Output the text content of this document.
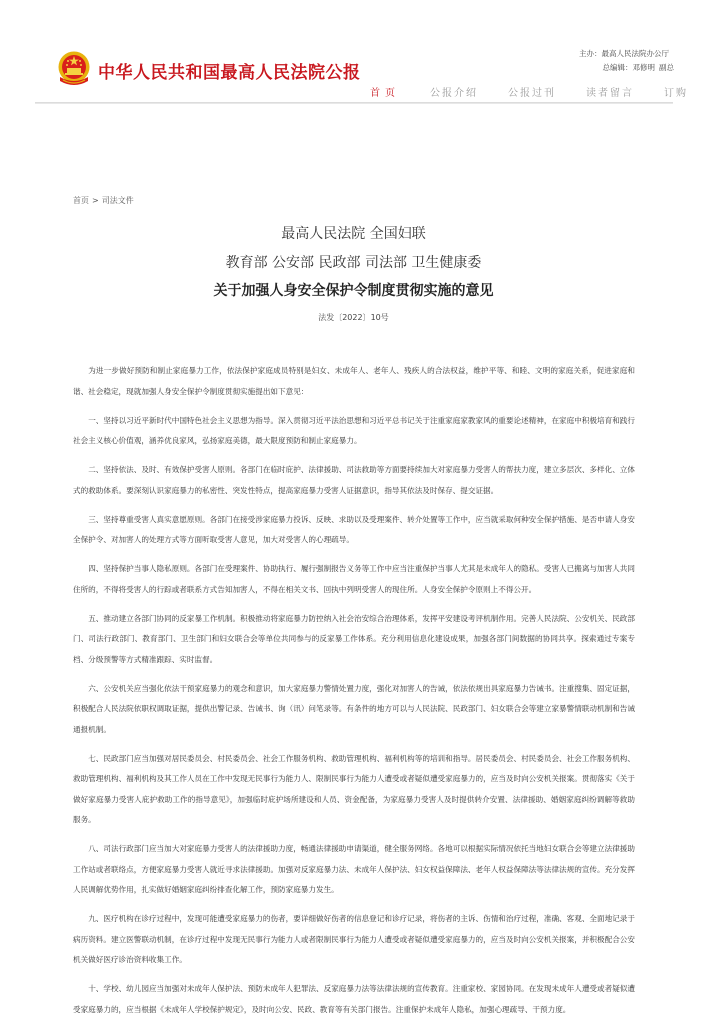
中华人民共和国最高人民法院公报
主办：最高人民法院办公厅
总编辑：邓修明 副总
首页	公报介绍	公报过刊	读者留言	订购
首页 > 司法文件
最高人民法院 全国妇联
教育部 公安部 民政部 司法部 卫生健康委
关于加强人身安全保护令制度贯彻实施的意见
法发〔2022〕10号

为进一步做好预防和制止家庭暴力工作，依法保护家庭成员特别是妇女、未成年人、老年人、残疾人的合法权益，维护平等、和睦、文明的家庭关系，促进家庭和谐、社会稳定，现就加强人身安全保护令制度贯彻实施提出如下意见：

一、坚持以习近平新时代中国特色社会主义思想为指导。深入贯彻习近平法治思想和习近平总书记关于注重家庭家教家风的重要论述精神，在家庭中积极培育和践行社会主义核心价值观，涵养优良家风，弘扬家庭美德，最大限度预防和制止家庭暴力。

二、坚持依法、及时、有效保护受害人原则。各部门在临时庇护、法律援助、司法救助等方面要持续加大对家庭暴力受害人的帮扶力度，建立多层次、多样化、立体式的救助体系。要深刻认识家庭暴力的私密性、突发性特点，提高家庭暴力受害人证据意识，指导其依法及时保存、提交证据。

三、坚持尊重受害人真实意愿原则。各部门在接受涉家庭暴力投诉、反映、求助以及受理案件、转介处置等工作中，应当就采取何种安全保护措施、是否申请人身安全保护令、对加害人的处理方式等方面听取受害人意见，加大对受害人的心理疏导。

四、坚持保护当事人隐私原则。各部门在受理案件、协助执行、履行强制报告义务等工作中应当注重保护当事人尤其是未成年人的隐私。受害人已搬离与加害人共同住所的，不得将受害人的行踪或者联系方式告知加害人，不得在相关文书、回执中列明受害人的现住所。人身安全保护令原则上不得公开。

五、推动建立各部门协同的反家暴工作机制。积极推动将家庭暴力防控纳入社会治安综合治理体系，发挥平安建设考评机制作用。完善人民法院、公安机关、民政部门、司法行政部门、教育部门、卫生部门和妇女联合会等单位共同参与的反家暴工作体系。充分利用信息化建设成果，加强各部门间数据的协同共享。探索通过专案专档、分级预警等方式精准跟踪、实时监督。

六、公安机关应当强化依法干预家庭暴力的观念和意识，加大家庭暴力警情处置力度，强化对加害人的告诫，依法依规出具家庭暴力告诫书。注重搜集、固定证据，积极配合人民法院依职权调取证据，提供出警记录、告诫书、询（讯）问笔录等。有条件的地方可以与人民法院、民政部门、妇女联合会等建立家暴警情联动机制和告诫通报机制。

七、民政部门应当加强对居民委员会、村民委员会、社会工作服务机构、救助管理机构、福利机构等的培训和指导。居民委员会、村民委员会、社会工作服务机构、救助管理机构、福利机构及其工作人员在工作中发现无民事行为能力人、限制民事行为能力人遭受或者疑似遭受家庭暴力的，应当及时向公安机关报案。贯彻落实《关于做好家庭暴力受害人庇护救助工作的指导意见》，加强临时庇护场所建设和人员、资金配备，为家庭暴力受害人及时提供转介安置、法律援助、婚姻家庭纠纷调解等救助服务。

八、司法行政部门应当加大对家庭暴力受害人的法律援助力度，畅通法律援助申请渠道，健全服务网络。各地可以根据实际情况依托当地妇女联合会等建立法律援助工作站或者联络点，方便家庭暴力受害人就近寻求法律援助。加强对反家庭暴力法、未成年人保护法、妇女权益保障法、老年人权益保障法等法律法规的宣传。充分发挥人民调解优势作用，扎实做好婚姻家庭纠纷排查化解工作，预防家庭暴力发生。

九、医疗机构在诊疗过程中，发现可能遭受家庭暴力的伤者，要详细做好伤者的信息登记和诊疗记录，将伤者的主诉、伤情和治疗过程，准确、客观、全面地记录于病历资料。建立医警联动机制，在诊疗过程中发现无民事行为能力人或者限制民事行为能力人遭受或者疑似遭受家庭暴力的，应当及时向公安机关报案，并积极配合公安机关做好医疗诊治资料收集工作。

十、学校、幼儿园应当加强对未成年人保护法、预防未成年人犯罪法、反家庭暴力法等法律法规的宣传教育。注重家校、家园协同。在发现未成年人遭受或者疑似遭受家庭暴力的，应当根据《未成年人学校保护规定》，及时向公安、民政、教育等有关部门报告。注重保护未成年人隐私，加强心理疏导、干预力度。
